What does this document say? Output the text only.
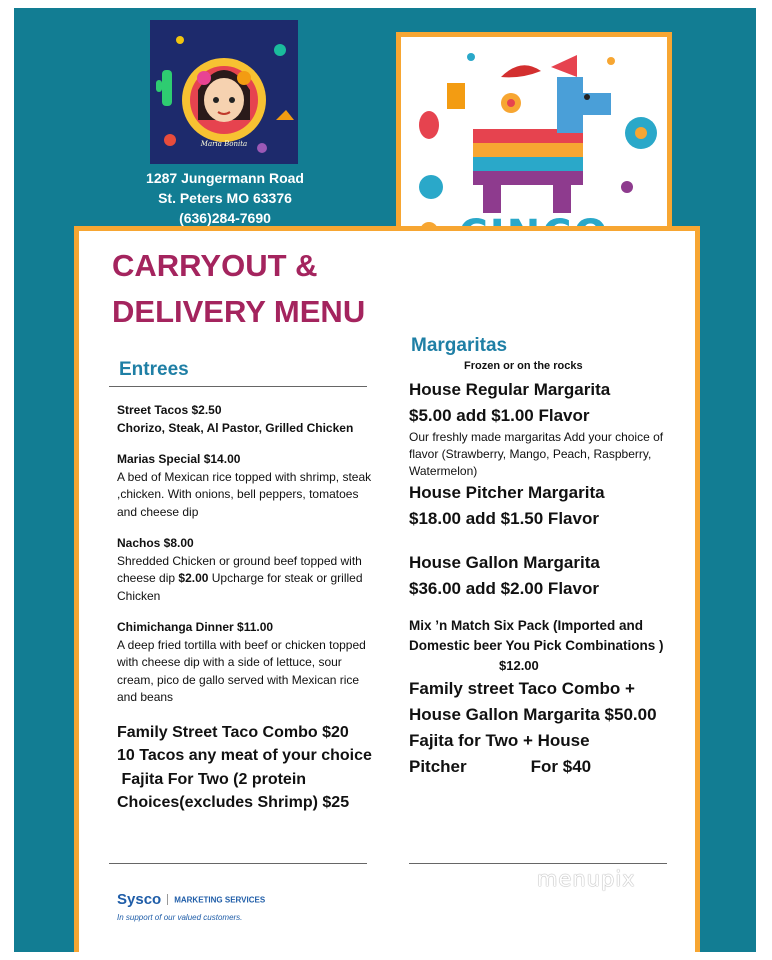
Maria Bonita
1287 Jungermann Road
St. Peters MO 63376
(636)284-7690
CARRYOUT &
DELIVERY MENU
Entrees
Street Tacos $2.50
Chorizo, Steak, Al Pastor, Grilled Chicken
Marias Special $14.00
A bed of Mexican rice topped with shrimp, steak ,chicken. With onions, bell peppers, tomatoes and cheese dip
Nachos $8.00
Shredded Chicken or ground beef topped with cheese dip $2.00 Upcharge for steak or grilled Chicken
Chimichanga Dinner $11.00
A deep fried tortilla with beef or chicken topped with cheese dip with a side of lettuce, sour cream, pico de gallo served with Mexican rice and beans
Family Street Taco Combo $20
10 Tacos any meat of your choice
Fajita For Two (2 protein Choices(excludes Shrimp) $25
Sysco MARKETING SERVICES
In support of our valued customers.
Margaritas
Frozen or on the rocks
House Regular Margarita
$5.00 add $1.00 Flavor
Our freshly made margaritas Add your choice of flavor (Strawberry, Mango, Peach, Raspberry, Watermelon)
House Pitcher Margarita
$18.00 add $1.50 Flavor
House Gallon Margarita
$36.00 add $2.00 Flavor
Mix ’n Match Six Pack (Imported and Domestic beer You Pick Combinations )
$12.00
Family street Taco Combo + House Gallon Margarita $50.00
Fajita for Two + House
Pitcher	For $40
menupix
